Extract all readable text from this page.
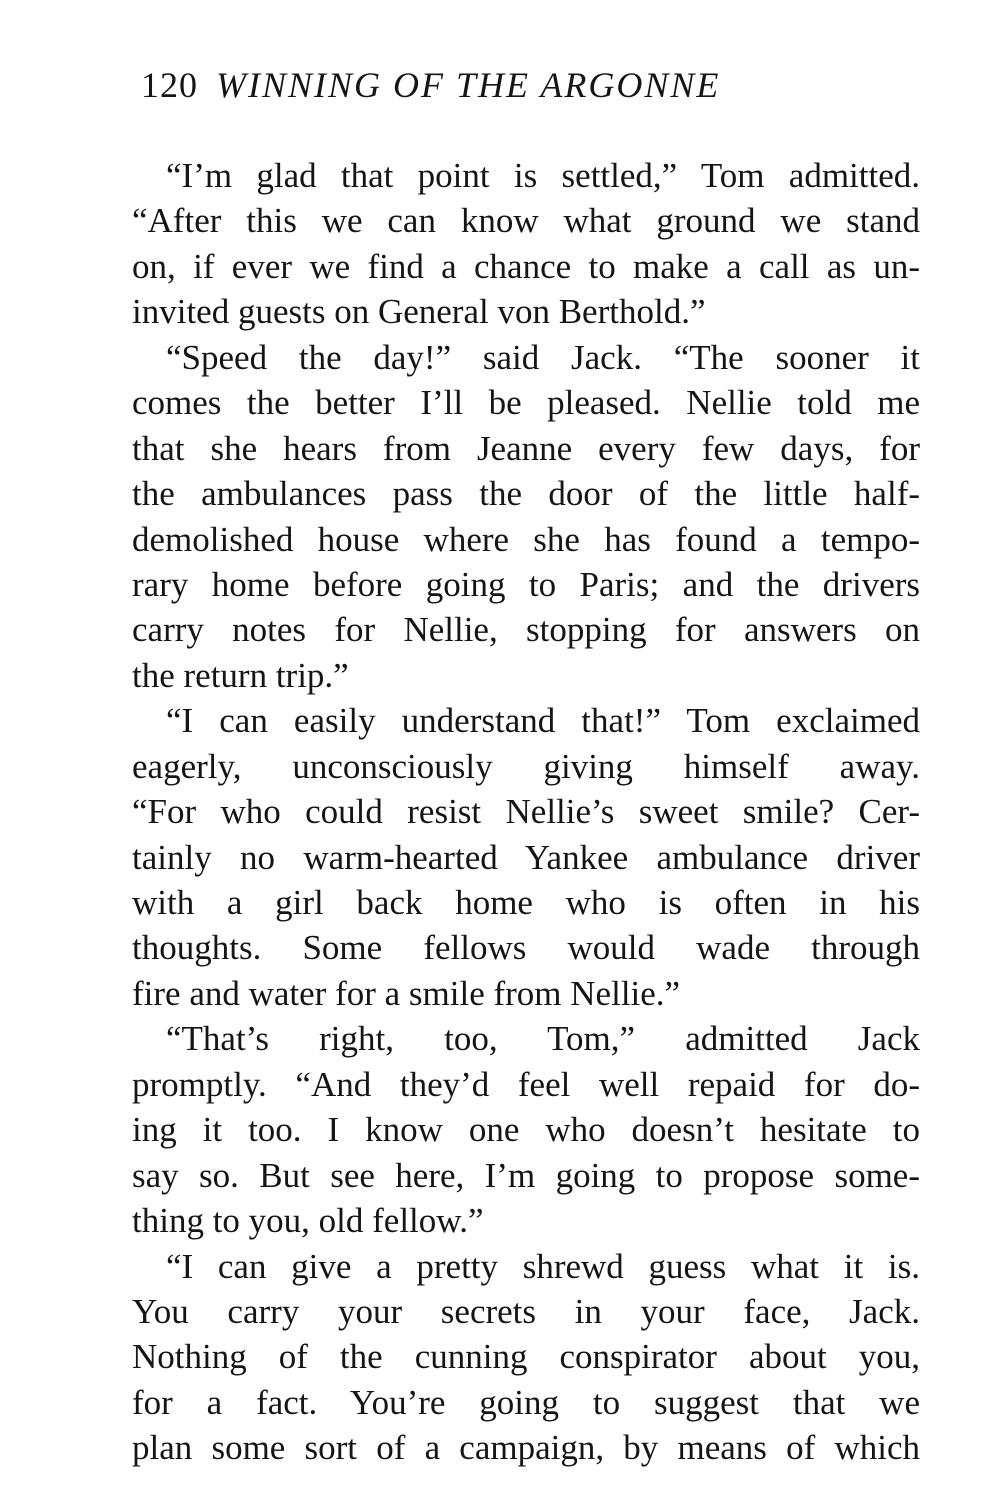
120 WINNING OF THE ARGONNE
“I’m glad that point is settled,” Tom admitted.
“After this we can know what ground we stand
on, if ever we find a chance to make a call as un-
invited guests on General von Berthold.”
“Speed the day!” said Jack. “The sooner it
comes the better I’ll be pleased. Nellie told me
that she hears from Jeanne every few days, for
the ambulances pass the door of the little half-
demolished house where she has found a tempo-
rary home before going to Paris; and the drivers
carry notes for Nellie, stopping for answers on
the return trip.”
“I can easily understand that!” Tom exclaimed
eagerly, unconsciously giving himself away.
“For who could resist Nellie’s sweet smile? Cer-
tainly no warm-hearted Yankee ambulance driver
with a girl back home who is often in his
thoughts. Some fellows would wade through
fire and water for a smile from Nellie.”
“That’s right, too, Tom,” admitted Jack
promptly. “And they’d feel well repaid for do-
ing it too. I know one who doesn’t hesitate to
say so. But see here, I’m going to propose some-
thing to you, old fellow.”
“I can give a pretty shrewd guess what it is.
You carry your secrets in your face, Jack.
Nothing of the cunning conspirator about you,
for a fact. You’re going to suggest that we
plan some sort of a campaign, by means of which
